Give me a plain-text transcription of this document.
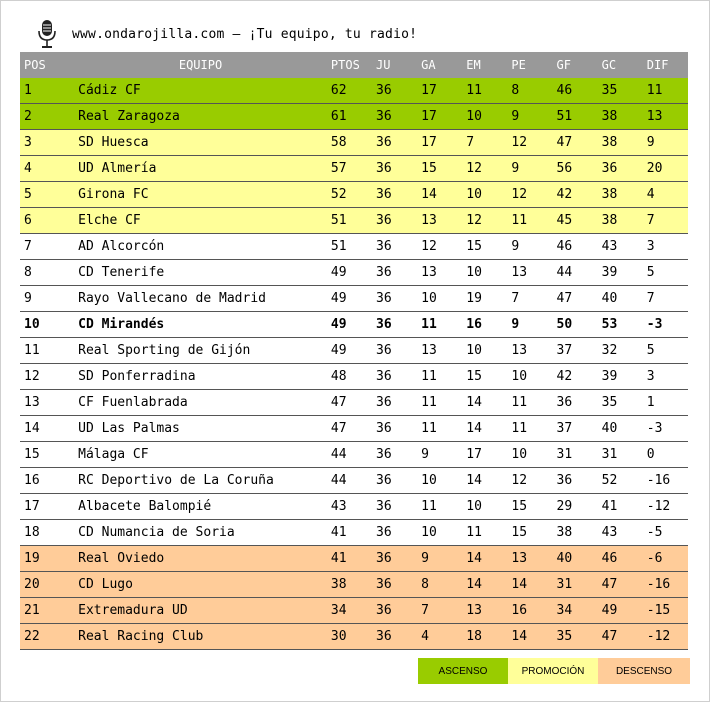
www.ondarojilla.com – ¡Tu equipo, tu radio!
POS	EQUIPO	PTOS	JU	GA	EM	PE	GF	GC	DIF
1	Cádiz CF	62	36	17	11	8	46	35	11
2	Real Zaragoza	61	36	17	10	9	51	38	13
3	SD Huesca	58	36	17	7	12	47	38	9
4	UD Almería	57	36	15	12	9	56	36	20
5	Girona FC	52	36	14	10	12	42	38	4
6	Elche CF	51	36	13	12	11	45	38	7
7	AD Alcorcón	51	36	12	15	9	46	43	3
8	CD Tenerife	49	36	13	10	13	44	39	5
9	Rayo Vallecano de Madrid	49	36	10	19	7	47	40	7
10	CD Mirandés	49	36	11	16	9	50	53	-3
11	Real Sporting de Gijón	49	36	13	10	13	37	32	5
12	SD Ponferradina	48	36	11	15	10	42	39	3
13	CF Fuenlabrada	47	36	11	14	11	36	35	1
14	UD Las Palmas	47	36	11	14	11	37	40	-3
15	Málaga CF	44	36	9	17	10	31	31	0
16	RC Deportivo de La Coruña	44	36	10	14	12	36	52	-16
17	Albacete Balompié	43	36	11	10	15	29	41	-12
18	CD Numancia de Soria	41	36	10	11	15	38	43	-5
19	Real Oviedo	41	36	9	14	13	40	46	-6
20	CD Lugo	38	36	8	14	14	31	47	-16
21	Extremadura UD	34	36	7	13	16	34	49	-15
22	Real Racing Club	30	36	4	18	14	35	47	-12
ASCENSO	PROMOCIÓN	DESCENSO
